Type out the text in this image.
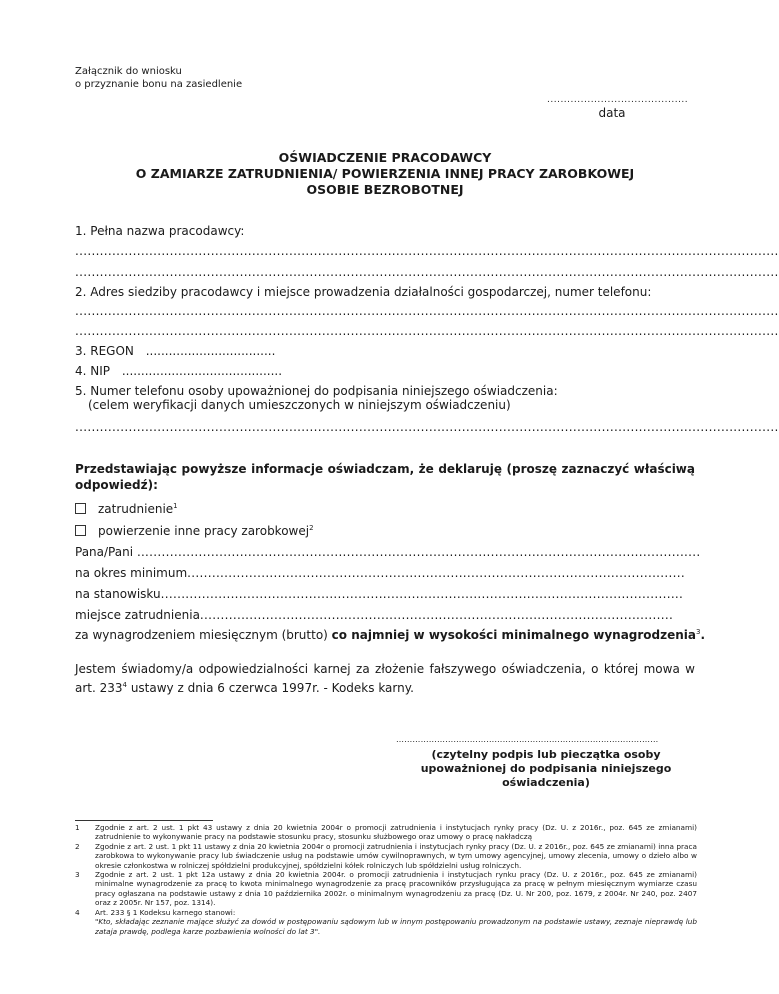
Załącznik do wniosku
o przyznanie bonu na zasiedlenie
..........................................
data
OŚWIADCZENIE PRACODAWCY
O ZAMIARZE ZATRUDNIENIA/ POWIERZENIA INNEJ PRACY ZAROBKOWEJ
OSOBIE BEZROBOTNEJ
1. Pełna nazwa pracodawcy:
...........................................................................................................................................................................
...........................................................................................................................................................................
2. Adres siedziby pracodawcy i miejsce prowadzenia działalności gospodarczej, numer telefonu:
...........................................................................................................................................................................
...........................................................................................................................................................................
3. REGON ..................................
4. NIP ..........................................
5. Numer telefonu osoby upoważnionej do podpisania niniejszego oświadczenia:
(celem weryfikacji danych umieszczonych w niniejszym oświadczeniu)
...........................................................................................................................................................................
Przedstawiając powyższe informacje oświadczam, że deklaruję (proszę zaznaczyć właściwą odpowiedź):
zatrudnienie$^1$
powierzenie inne pracy zarobkowej$^2$
Pana/Pani …......................................................................................................................................
na okres minimum.........................................................................................................................
na stanowisku...............................................................................................................................
miejsce zatrudnienia...................................................................................................................
za wynagrodzeniem miesięcznym (brutto) co najmniej w wysokości minimalnego wynagrodzenia$^3$.
Jestem świadomy/a odpowiedzialności karnej za złożenie fałszywego oświadczenia, o której mowa w art. $233^4$ ustawy z dnia 6 czerwca 1997r. - Kodeks karny.
……………………………………………………………………………………
(czytelny podpis lub pieczątka osoby upoważnionej do podpisania niniejszego oświadczenia)
1	Zgodnie z art. 2 ust. 1 pkt 43 ustawy z dnia 20 kwietnia 2004r o promocji zatrudnienia i instytucjach rynky pracy (Dz. U. z 2016r., poz. 645 ze zmianami) zatrudnienie to wykonywanie pracy na podstawie stosunku pracy, stosunku służbowego oraz umowy o pracę nakładczą
2	Zgodnie z art. 2 ust. 1 pkt 11 ustawy z dnia 20 kwietnia 2004r o promocji zatrudnienia i instytucjach rynky pracy (Dz. U. z 2016r., poz. 645 ze zmianami) inna praca zarobkowa to wykonywanie pracy lub świadczenie usług na podstawie umów cywilnoprawnych, w tym umowy agencyjnej, umowy zlecenia, umowy o dzieło albo w okresie członkostwa w rolniczej spółdzielni produkcyjnej, spółdzielni kółek rolniczych lub spółdzielni usług rolniczych.
3	Zgodnie z art. 2 ust. 1 pkt 12a ustawy z dnia 20 kwietnia 2004r. o promocji zatrudnienia i instytucjach rynku pracy (Dz. U. z 2016r., poz. 645 ze zmianami) minimalne wynagrodzenie za pracę to kwota minimalnego wynagrodzenie za pracę pracowników przysługująca za pracę w pełnym miesięcznym wymiarze czasu pracy ogłaszana na podstawie ustawy z dnia 10 października 2002r. o minimalnym wynagrodzeniu za pracę (Dz. U. Nr 200, poz. 1679, z 2004r. Nr 240, poz. 2407 oraz z 2005r. Nr 157, poz. 1314).
4	Art. 233 § 1 Kodeksu karnego stanowi:
"Kto, składając zeznanie mające służyć za dowód w postępowaniu sądowym lub w innym postępowaniu prowadzonym na podstawie ustawy, zeznaje nieprawdę lub zataja prawdę, podlega karze pozbawienia wolności do lat 3".
